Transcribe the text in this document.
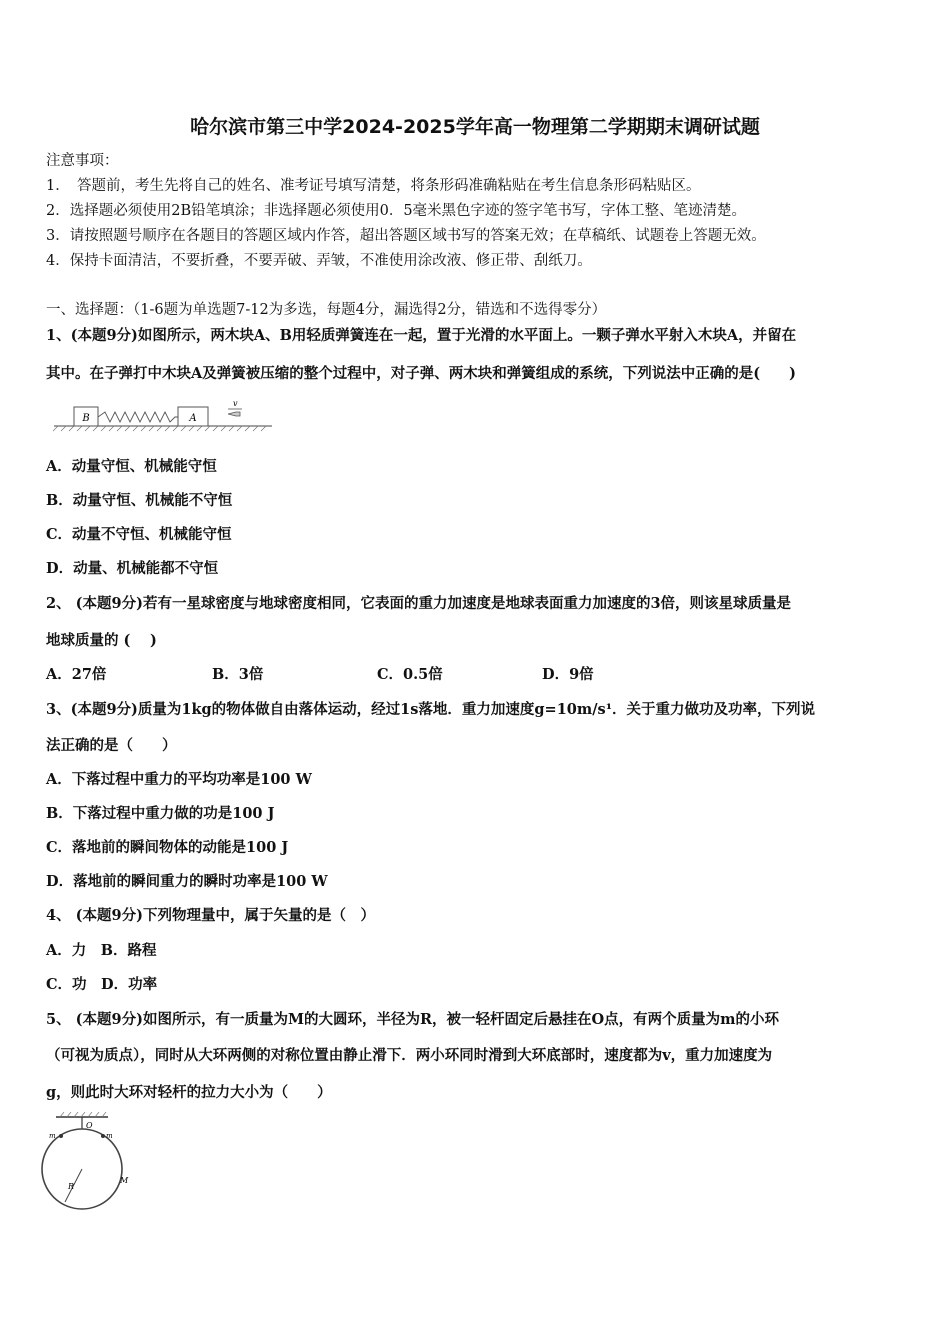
哈尔滨市第三中学2024-2025学年高一物理第二学期期末调研试题
注意事项：
1．　答题前，考生先将自己的姓名、准考证号填写清楚，将条形码准确粘贴在考生信息条形码粘贴区。
2．选择题必须使用2B铅笔填涂；非选择题必须使用0．5毫米黑色字迹的签字笔书写，字体工整、笔迹清楚。
3．请按照题号顺序在各题目的答题区域内作答，超出答题区域书写的答案无效；在草稿纸、试题卷上答题无效。
4．保持卡面清洁，不要折叠，不要弄破、弄皱，不准使用涂改液、修正带、刮纸刀。
一、选择题：（1-6题为单选题7-12为多选，每题4分，漏选得2分，错选和不选得零分）
1、(本题9分)如图所示，两木块A、B用轻质弹簧连在一起，置于光滑的水平面上。一颗子弹水平射入木块A，并留在
其中。在子弹打中木块A及弹簧被压缩的整个过程中，对子弹、两木块和弹簧组成的系统，下列说法中正确的是(　　)
B	A
v
A．动量守恒、机械能守恒
B．动量守恒、机械能不守恒
C．动量不守恒、机械能守恒
D．动量、机械能都不守恒
2、 (本题9分)若有一星球密度与地球密度相同，它表面的重力加速度是地球表面重力加速度的3倍，则该星球质量是
地球质量的 (　 )
A．27倍	B．3倍	C．0.5倍	D．9倍
3、(本题9分)质量为1kg的物体做自由落体运动，经过1s落地．重力加速度g=10m/s¹．关于重力做功及功率，下列说
法正确的是（　　）
A．下落过程中重力的平均功率是100 W
B．下落过程中重力做的功是100 J
C．落地前的瞬间物体的动能是100 J
D．落地前的瞬间重力的瞬时功率是100 W
4、 (本题9分)下列物理量中，属于矢量的是（　）
A．力　B．路程
C．功　D．功率
5、 (本题9分)如图所示，有一质量为M的大圆环，半径为R，被一轻杆固定后悬挂在O点，有两个质量为m的小环
（可视为质点），同时从大环两侧的对称位置由静止滑下．两小环同时滑到大环底部时，速度都为v，重力加速度为
g，则此时大环对轻杆的拉力大小为（　　）
O
m	m
R
M
